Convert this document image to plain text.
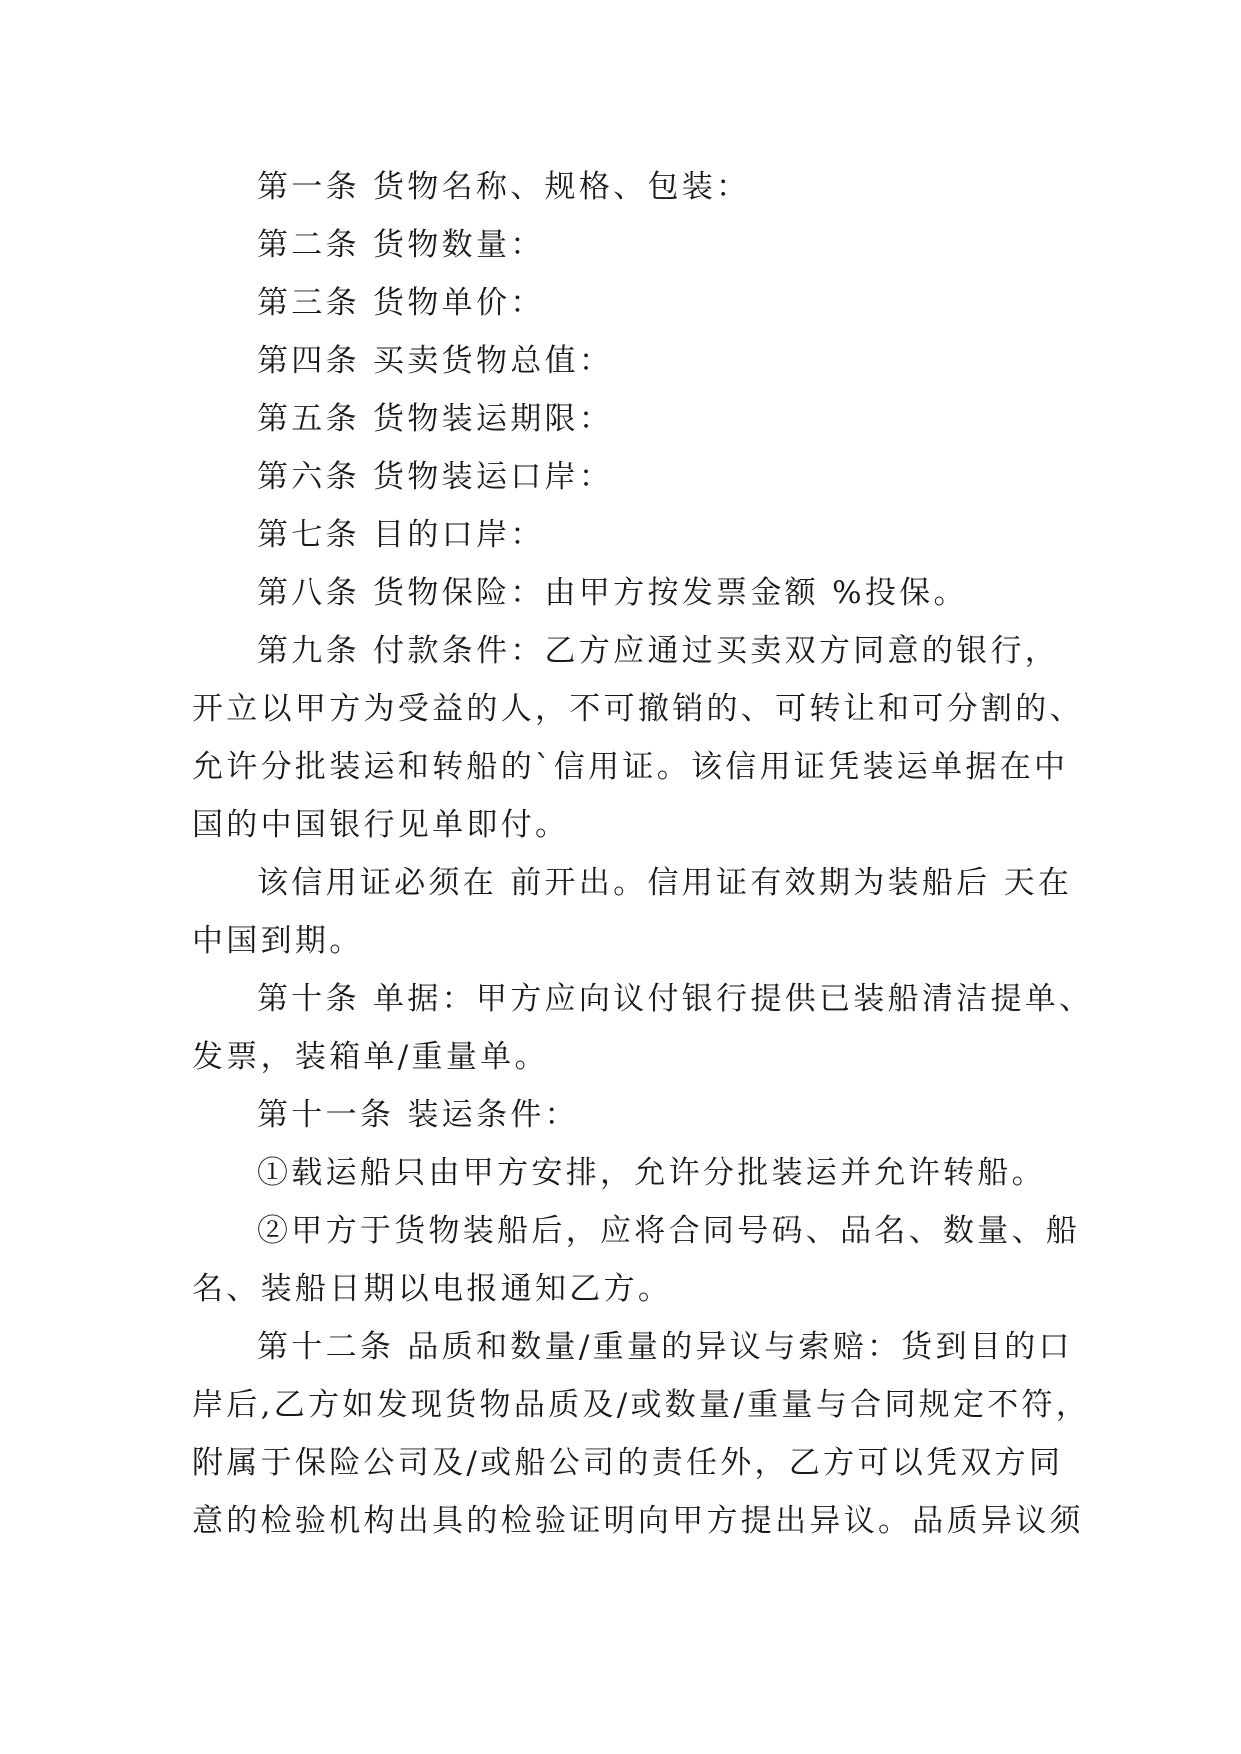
第一条 货物名称、规格、包装：

第二条 货物数量：

第三条 货物单价：

第四条 买卖货物总值：

第五条 货物装运期限：

第六条 货物装运口岸：

第七条 目的口岸：

第八条 货物保险：由甲方按发票金额 %投保。

第九条 付款条件：乙方应通过买卖双方同意的银行，

开立以甲方为受益的人，不可撤销的、可转让和可分割的、

允许分批装运和转船的`信用证。该信用证凭装运单据在中

国的中国银行见单即付。

该信用证必须在 前开出。信用证有效期为装船后 天在

中国到期。

第十条 单据：甲方应向议付银行提供已装船清洁提单、

发票，装箱单/重量单。

第十一条 装运条件：

①载运船只由甲方安排，允许分批装运并允许转船。

②甲方于货物装船后，应将合同号码、品名、数量、船

名、装船日期以电报通知乙方。

第十二条 品质和数量/重量的异议与索赔：货到目的口

岸后,乙方如发现货物品质及/或数量/重量与合同规定不符，

附属于保险公司及/或船公司的责任外，乙方可以凭双方同

意的检验机构出具的检验证明向甲方提出异议。品质异议须
